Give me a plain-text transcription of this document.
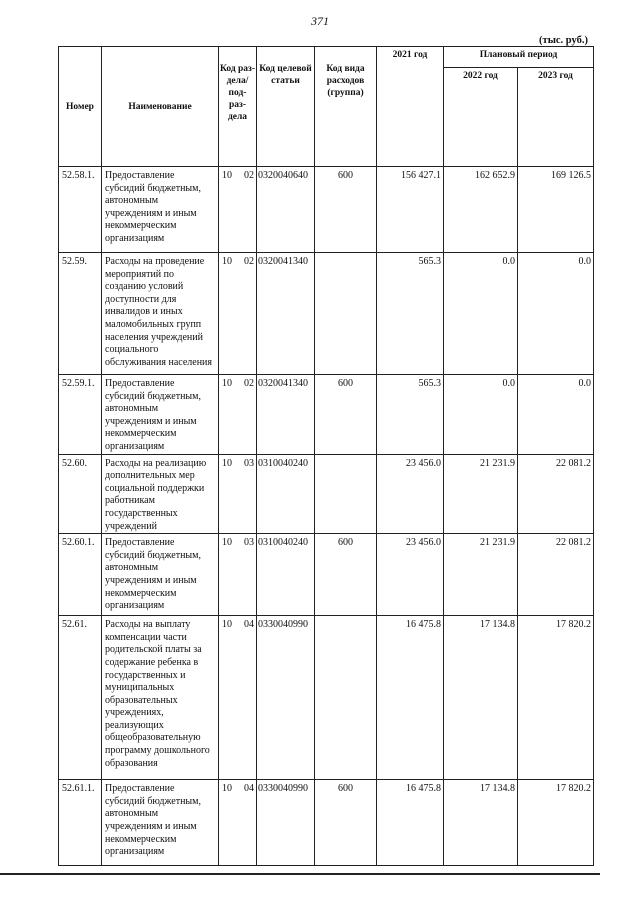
371
(тыс. руб.)
Номер	Наименование	Код раз- дела/ под- раз- дела	Код целевой статьи	Код вида расходов (группа)	2021 год	Плановый период	
						2022 год	2023 год
52.58.1.	Предоставление субсидий бюджетным, автономным учреждениям и иным некоммерческим организациям	10 02	0320040640	600	156 427.1	162 652.9	169 126.5
52.59.	Расходы на проведение мероприятий по созданию условий доступности для инвалидов и иных маломобильных групп населения учреждений социального обслуживания населения	10 02	0320041340		565.3	0.0	0.0
52.59.1.	Предоставление субсидий бюджетным, автономным учреждениям и иным некоммерческим организациям	10 02	0320041340	600	565.3	0.0	0.0
52.60.	Расходы на реализацию дополнительных мер социальной поддержки работникам государственных учреждений	10 03	0310040240		23 456.0	21 231.9	22 081.2
52.60.1.	Предоставление субсидий бюджетным, автономным учреждениям и иным некоммерческим организациям	10 03	0310040240	600	23 456.0	21 231.9	22 081.2
52.61.	Расходы на выплату компенсации части родительской платы за содержание ребенка в государственных и муниципальных образовательных учреждениях, реализующих общеобразовательную программу дошкольного образования	10 04	0330040990		16 475.8	17 134.8	17 820.2
52.61.1.	Предоставление субсидий бюджетным, автономным учреждениям и иным некоммерческим организациям	10 04	0330040990	600	16 475.8	17 134.8	17 820.2
